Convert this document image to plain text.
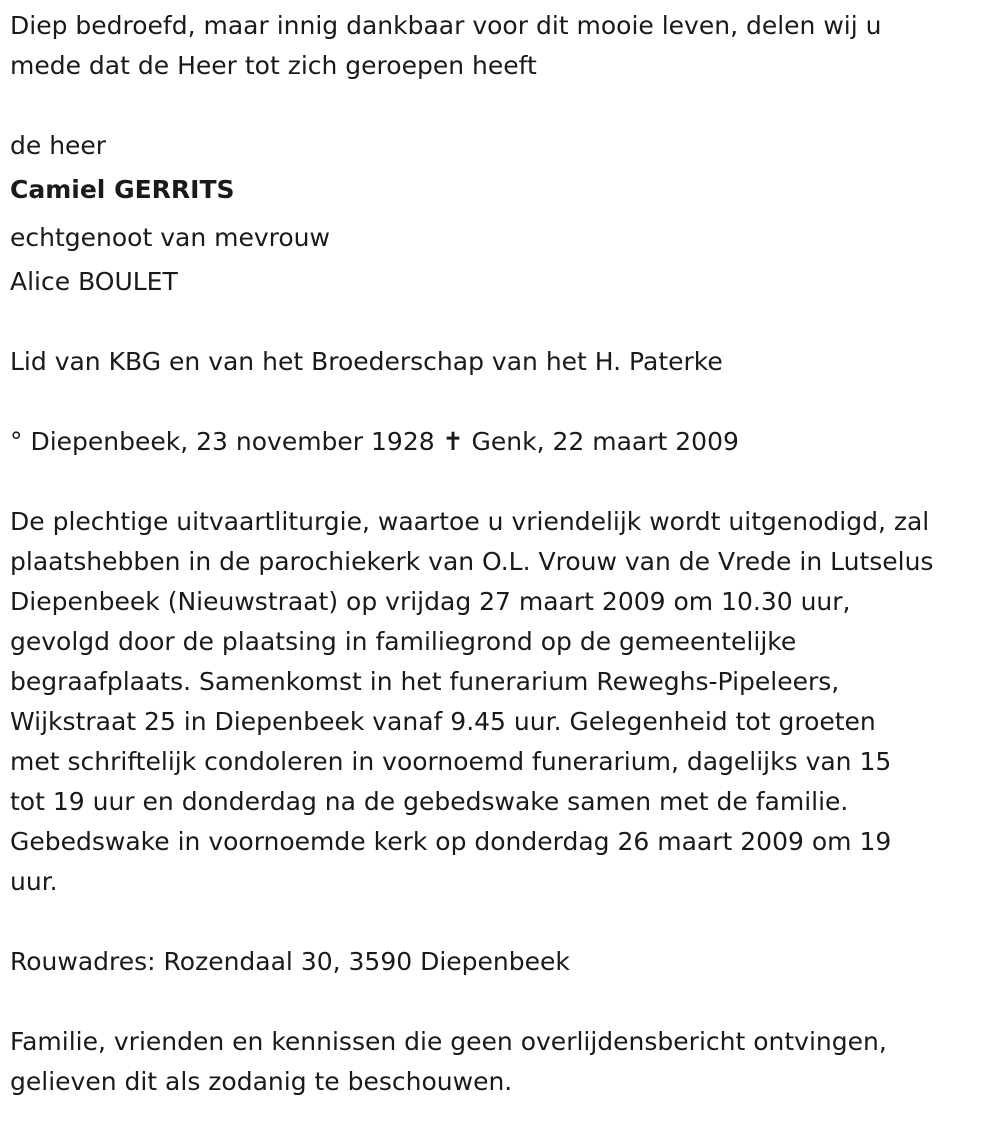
Diep bedroefd, maar innig dankbaar voor dit mooie leven, delen wij u
mede dat de Heer tot zich geroepen heeft
de heer
Camiel GERRITS
echtgenoot van mevrouw
Alice BOULET
Lid van KBG en van het Broederschap van het H. Paterke
° Diepenbeek, 23 november 1928 ✝ Genk, 22 maart 2009
De plechtige uitvaartliturgie, waartoe u vriendelijk wordt uitgenodigd, zal
plaatshebben in de parochiekerk van O.L. Vrouw van de Vrede in Lutselus
Diepenbeek (Nieuwstraat) op vrijdag 27 maart 2009 om 10.30 uur,
gevolgd door de plaatsing in familiegrond op de gemeentelijke
begraafplaats. Samenkomst in het funerarium Reweghs-Pipeleers,
Wijkstraat 25 in Diepenbeek vanaf 9.45 uur. Gelegenheid tot groeten
met schriftelijk condoleren in voornoemd funerarium, dagelijks van 15
tot 19 uur en donderdag na de gebedswake samen met de familie.
Gebedswake in voornoemde kerk op donderdag 26 maart 2009 om 19
uur.
Rouwadres: Rozendaal 30, 3590 Diepenbeek
Familie, vrienden en kennissen die geen overlijdensbericht ontvingen,
gelieven dit als zodanig te beschouwen.
